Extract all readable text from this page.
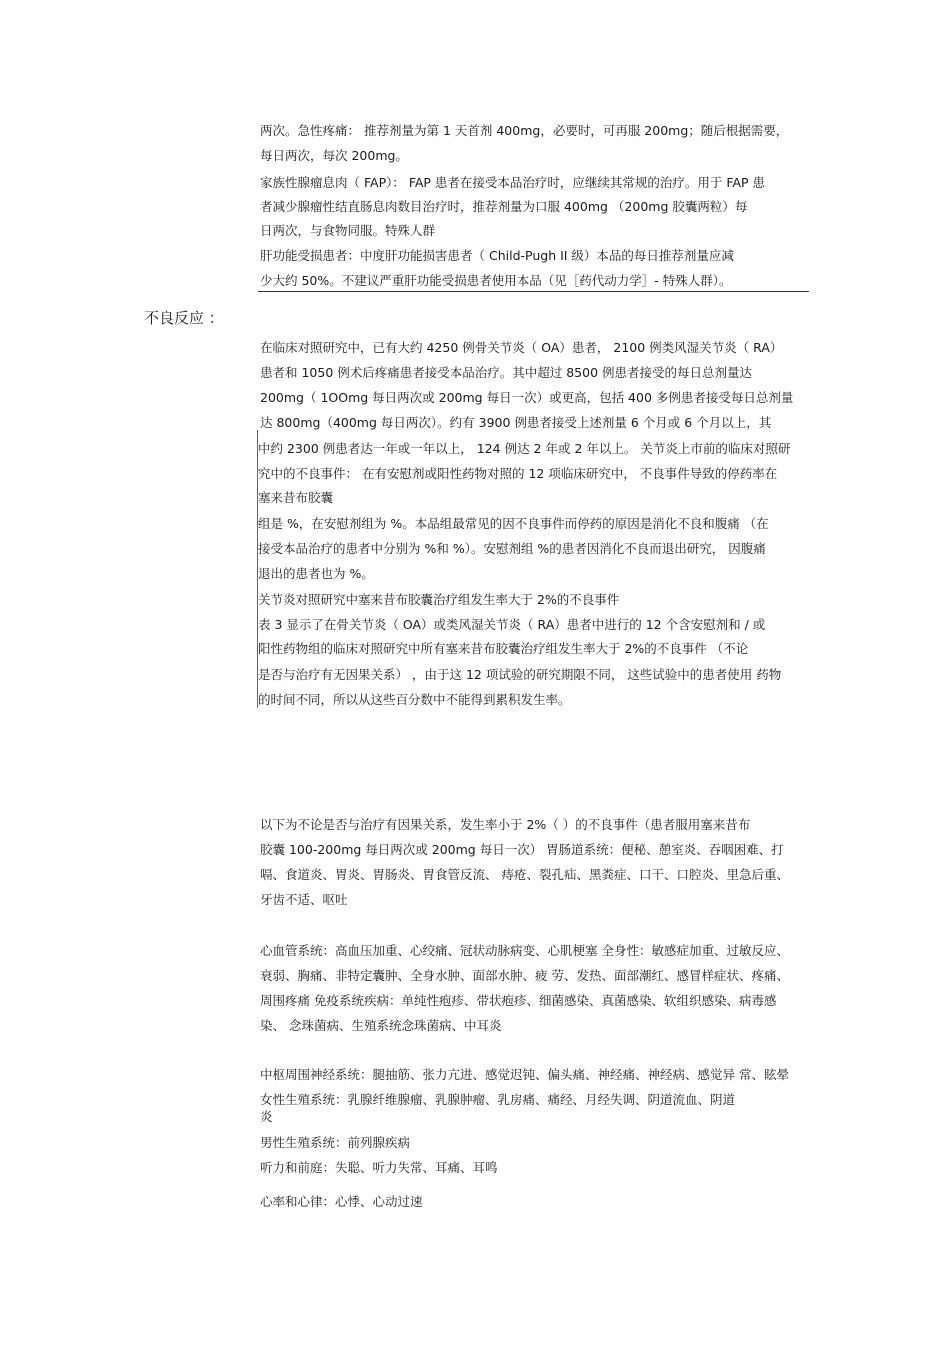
两次。急性疼痛： 推荐剂量为第 1 天首剂 400mg，必要时，可再服 200mg；随后根据需要，
每日两次，每次 200mg。
家族性腺瘤息肉（ FAP）： FAP 患者在接受本品治疗时，应继续其常规的治疗。用于 FAP 患
者减少腺瘤性结直肠息肉数目治疗时，推荐剂量为口服 400mg （200mg 胶囊两粒）每
日两次，与食物同服。特殊人群
肝功能受损患者：中度肝功能损害患者（ Child-Pugh II 级）本品的每日推荐剂量应减
少大约 50%。不建议严重肝功能受损患者使用本品（见［药代动力学］- 特殊人群）。
不良反应 ：
在临床对照研究中，已有大约 4250 例骨关节炎（ OA）患者， 2100 例类风湿关节炎（ RA）
患者和 1050 例术后疼痛患者接受本品治疗。其中超过 8500 例患者接受的每日总剂量达
200mg（ 1OOmg 每日两次或 200mg 每日一次）或更高，包括 400 多例患者接受每日总剂量
达 800mg（400mg 每日两次）。约有 3900 例患者接受上述剂量 6 个月或 6 个月以上，其
中约 2300 例患者达一年或一年以上， 124 例达 2 年或 2 年以上。 关节炎上市前的临床对照研
究中的不良事件： 在有安慰剂或阳性药物对照的 12 项临床研究中， 不良事件导致的停药率在
塞来昔布胶囊
组是 %，在安慰剂组为 %。本品组最常见的因不良事件而停药的原因是消化不良和腹痛 （在
接受本品治疗的患者中分别为 %和 %）。安慰剂组 %的患者因消化不良而退出研究， 因腹痛
退出的患者也为 %。
关节炎对照研究中塞来昔布胶囊治疗组发生率大于 2%的不良事件
表 3 显示了在骨关节炎（ OA）或类风湿关节炎（ RA）患者中进行的 12 个含安慰剂和 / 或
阳性药物组的临床对照研究中所有塞来昔布胶囊治疗组发生率大于 2%的不良事件 （不论
是否与治疗有无因果关系） ，由于这 12 项试验的研究期限不同， 这些试验中的患者使用 药物
的时间不同，所以从这些百分数中不能得到累积发生率。
以下为不论是否与治疗有因果关系，发生率小于 2%（ ）的不良事件（患者服用塞来昔布
胶囊 100-200mg 每日两次或 200mg 每日一次） 胃肠道系统：便秘、憩室炎、吞咽困难、打
嗝、食道炎、胃炎、胃肠炎、胃食管反流、 痔疮、裂孔疝、黑粪症、口干、口腔炎、里急后重、
牙齿不适、呕吐
心血管系统：高血压加重、心绞痛、冠状动脉病变、心肌梗塞 全身性：敏感症加重、过敏反应、
衰弱、胸痛、非特定囊肿、全身水肿、面部水肿、疲 劳、发热、面部潮红、感冒样症状、疼痛、
周围疼痛 免疫系统疾病：单纯性疱疹、带状疱疹、细菌感染、真菌感染、软组织感染、病毒感
染、 念珠菌病、生殖系统念珠菌病、中耳炎
中枢周围神经系统：腿抽筋、张力亢进、感觉迟钝、偏头痛、神经痛、神经病、感觉异 常、眩晕
女性生殖系统：乳腺纤维腺瘤、乳腺肿瘤、乳房痛、痛经、月经失调、阴道流血、阴道
炎
男性生殖系统：前列腺疾病
听力和前庭：失聪、听力失常、耳痛、耳鸣
心率和心律：心悸、心动过速
